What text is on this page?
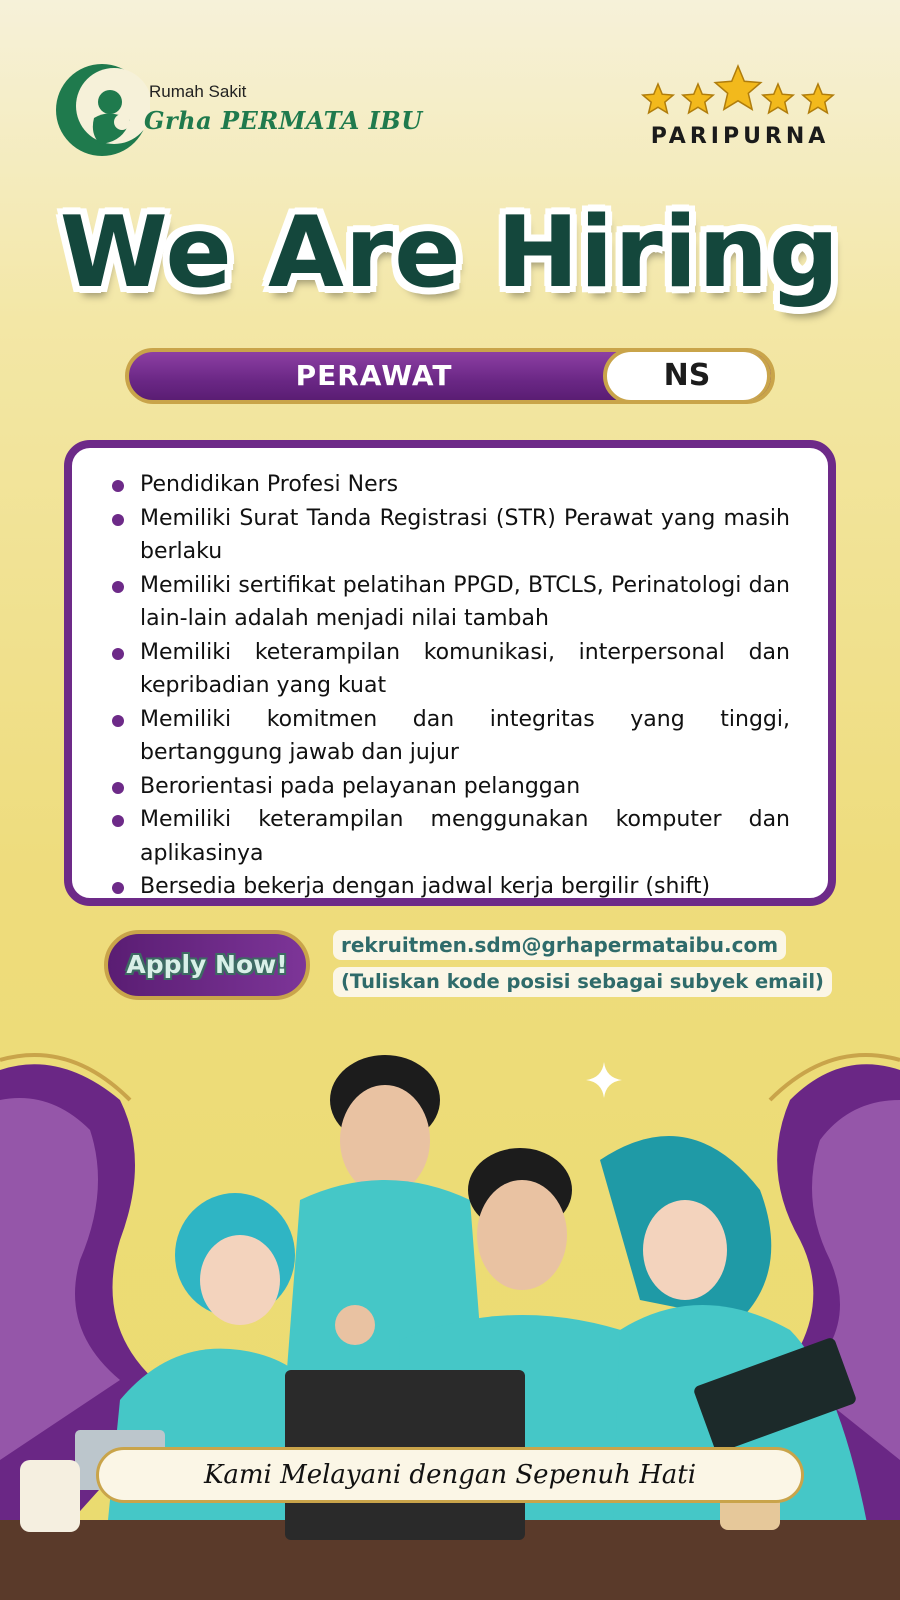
Rumah Sakit
Grha PERMATA IBU
PARIPURNA
We Are Hiring
PERAWAT	NS
Pendidikan Profesi Ners
Memiliki Surat Tanda Registrasi (STR) Perawat yang masih berlaku
Memiliki sertifikat pelatihan PPGD, BTCLS, Perinatologi dan lain-lain adalah menjadi nilai tambah
Memiliki keterampilan komunikasi, interpersonal dan kepribadian yang kuat
Memiliki komitmen dan integritas yang tinggi, bertanggung jawab dan jujur
Berorientasi pada pelayanan pelanggan
Memiliki keterampilan menggunakan komputer dan aplikasinya
Bersedia bekerja dengan jadwal kerja bergilir (shift)
Apply Now!
rekruitmen.sdm@grhapermataibu.com
(Tuliskan kode posisi sebagai subyek email)
Kami Melayani dengan Sepenuh Hati
